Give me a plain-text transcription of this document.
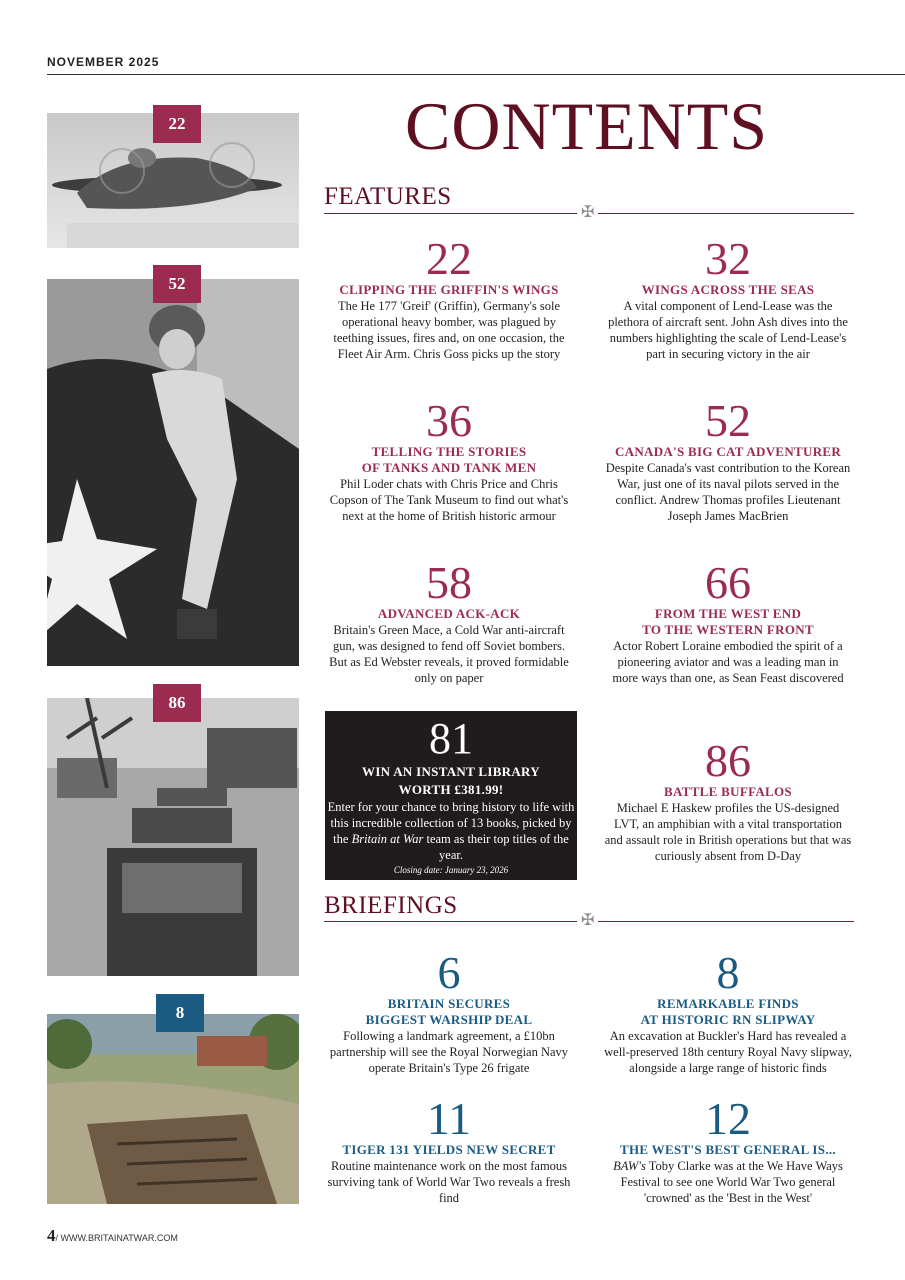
NOVEMBER 2025
CONTENTS
22
52
86
8
FEATURES
✠
22
CLIPPING THE GRIFFIN'S WINGS
The He 177 'Greif' (Griffin), Germany's sole operational heavy bomber, was plagued by teething issues, fires and, on one occasion, the Fleet Air Arm. Chris Goss picks up the story
32
WINGS ACROSS THE SEAS
A vital component of Lend-Lease was the plethora of aircraft sent. John Ash dives into the numbers highlighting the scale of Lend-Lease's part in securing victory in the air
36
TELLING THE STORIES
OF TANKS AND TANK MEN
Phil Loder chats with Chris Price and Chris Copson of The Tank Museum to find out what's next at the home of British historic armour
52
CANADA'S BIG CAT ADVENTURER
Despite Canada's vast contribution to the Korean War, just one of its naval pilots served in the conflict. Andrew Thomas profiles Lieutenant Joseph James MacBrien
58
ADVANCED ACK-ACK
Britain's Green Mace, a Cold War anti-aircraft gun, was designed to fend off Soviet bombers. But as Ed Webster reveals, it proved formidable only on paper
66
FROM THE WEST END
TO THE WESTERN FRONT
Actor Robert Loraine embodied the spirit of a pioneering aviator and was a leading man in more ways than one, as Sean Feast discovered
86
BATTLE BUFFALOS
Michael E Haskew profiles the US-designed LVT, an amphibian with a vital transportation and assault role in British operations but that was curiously absent from D-Day
81
WIN AN INSTANT LIBRARY
WORTH £381.99!
Enter for your chance to bring history to life with this incredible collection of 13 books, picked by the Britain at War team as their top titles of the year.
Closing date: January 23, 2026
BRIEFINGS
✠
6
BRITAIN SECURES
BIGGEST WARSHIP DEAL
Following a landmark agreement, a £10bn partnership will see the Royal Norwegian Navy operate Britain's Type 26 frigate
8
REMARKABLE FINDS
AT HISTORIC RN SLIPWAY
An excavation at Buckler's Hard has revealed a well-preserved 18th century Royal Navy slipway, alongside a large range of historic finds
11
TIGER 131 YIELDS NEW SECRET
Routine maintenance work on the most famous surviving tank of World War Two reveals a fresh find
12
THE WEST'S BEST GENERAL IS...
BAW's Toby Clarke was at the We Have Ways Festival to see one World War Two general 'crowned' as the 'Best in the West'
4/ WWW.BRITAINATWAR.COM
